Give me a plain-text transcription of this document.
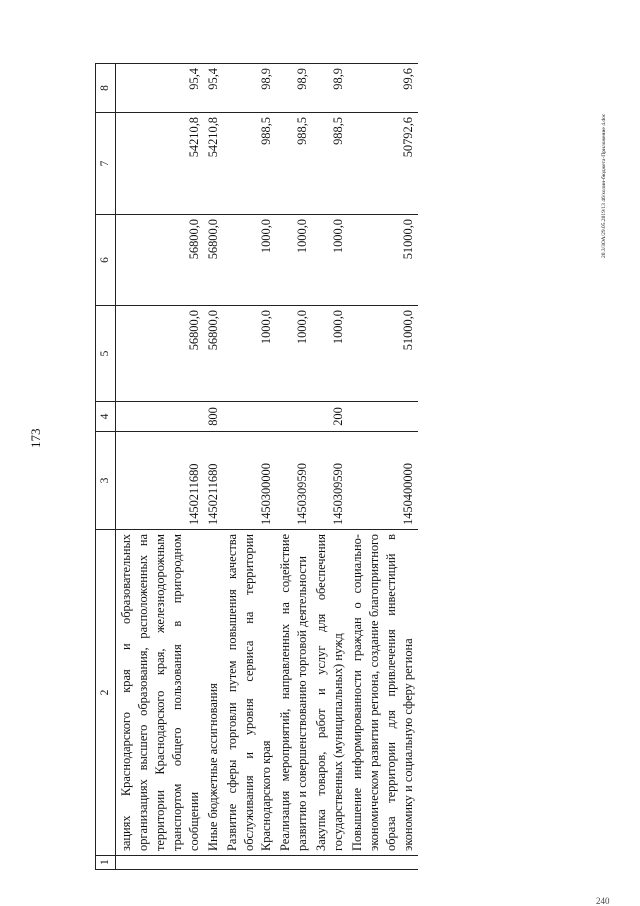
173
20.3/ЗОА/29.05.2019/13 46/холин-бюджета-Приложение 4.doc
240
1	2	3	4	5	6	7	8
	зациях Краснодарского края и образовательных организациях высшего образования, расположенных на территории Краснодарского края, железнодорожным транспортом общего пользования в пригородном сообщении	1450211680		56800,0	56800,0	54210,8	95,4
	Иные бюджетные ассигнования	1450211680	800	56800,0	56800,0	54210,8	95,4
	Развитие сферы торговли путем повышения качества обслуживания и уровня сервиса на территории Краснодарского края	1450300000		1000,0	1000,0	988,5	98,9
	Реализация мероприятий, направленных на содействие развитию и совершенствованию торговой деятельности	1450309590		1000,0	1000,0	988,5	98,9
	Закупка товаров, работ и услуг для обеспечения государственных (муниципальных) нужд	1450309590	200	1000,0	1000,0	988,5	98,9
	Повышение информированности граждан о социально-экономическом развитии региона, создание благоприятного образа территории для привлечения инвестиций в экономику и социальную сферу региона	1450400000		51000,0	51000,0	50792,6	99,6
